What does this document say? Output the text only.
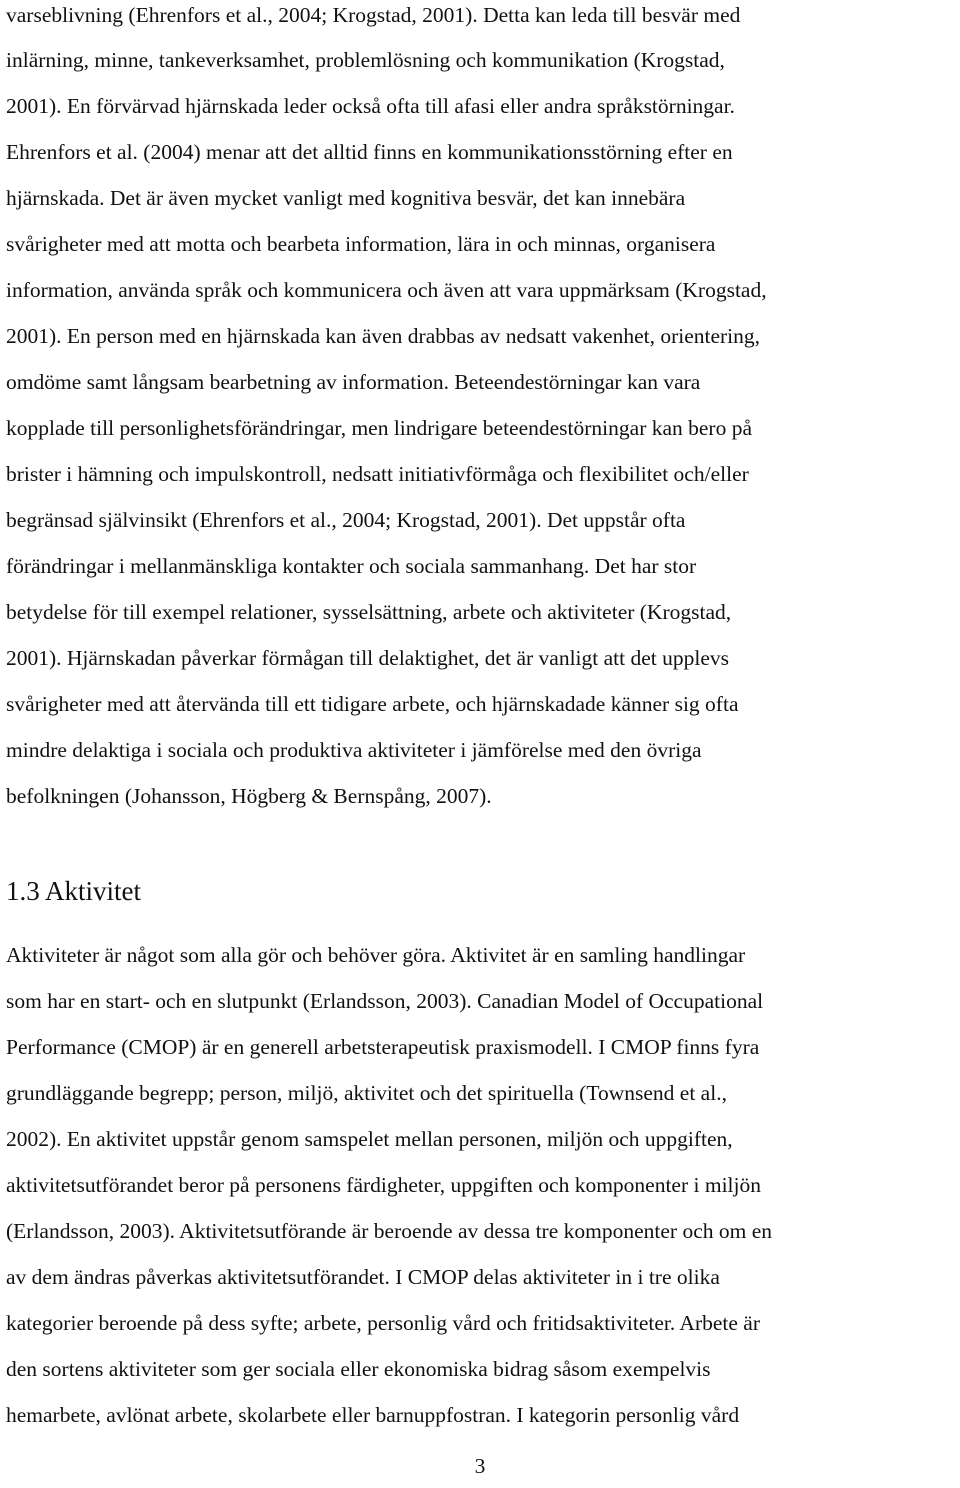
varseblivning (Ehrenfors et al., 2004; Krogstad, 2001). Detta kan leda till besvär med
inlärning, minne, tankeverksamhet, problemlösning och kommunikation (Krogstad,
2001). En förvärvad hjärnskada leder också ofta till afasi eller andra språkstörningar.
Ehrenfors et al. (2004) menar att det alltid finns en kommunikationsstörning efter en
hjärnskada. Det är även mycket vanligt med kognitiva besvär, det kan innebära
svårigheter med att motta och bearbeta information, lära in och minnas, organisera
information, använda språk och kommunicera och även att vara uppmärksam (Krogstad,
2001). En person med en hjärnskada kan även drabbas av nedsatt vakenhet, orientering,
omdöme samt långsam bearbetning av information. Beteendestörningar kan vara
kopplade till personlighetsförändringar, men lindrigare beteendestörningar kan bero på
brister i hämning och impulskontroll, nedsatt initiativförmåga och flexibilitet och/eller
begränsad självinsikt (Ehrenfors et al., 2004; Krogstad, 2001). Det uppstår ofta
förändringar i mellanmänskliga kontakter och sociala sammanhang. Det har stor
betydelse för till exempel relationer, sysselsättning, arbete och aktiviteter (Krogstad,
2001). Hjärnskadan påverkar förmågan till delaktighet, det är vanligt att det upplevs
svårigheter med att återvända till ett tidigare arbete, och hjärnskadade känner sig ofta
mindre delaktiga i sociala och produktiva aktiviteter i jämförelse med den övriga
befolkningen (Johansson, Högberg & Bernspång, 2007).
1.3 Aktivitet
Aktiviteter är något som alla gör och behöver göra. Aktivitet är en samling handlingar
som har en start- och en slutpunkt (Erlandsson, 2003). Canadian Model of Occupational
Performance (CMOP) är en generell arbetsterapeutisk praxismodell. I CMOP finns fyra
grundläggande begrepp; person, miljö, aktivitet och det spirituella (Townsend et al.,
2002). En aktivitet uppstår genom samspelet mellan personen, miljön och uppgiften,
aktivitetsutförandet beror på personens färdigheter, uppgiften och komponenter i miljön
(Erlandsson, 2003). Aktivitetsutförande är beroende av dessa tre komponenter och om en
av dem ändras påverkas aktivitetsutförandet. I CMOP delas aktiviteter in i tre olika
kategorier beroende på dess syfte; arbete, personlig vård och fritidsaktiviteter. Arbete är
den sortens aktiviteter som ger sociala eller ekonomiska bidrag såsom exempelvis
hemarbete, avlönat arbete, skolarbete eller barnuppfostran. I kategorin personlig vård
3
